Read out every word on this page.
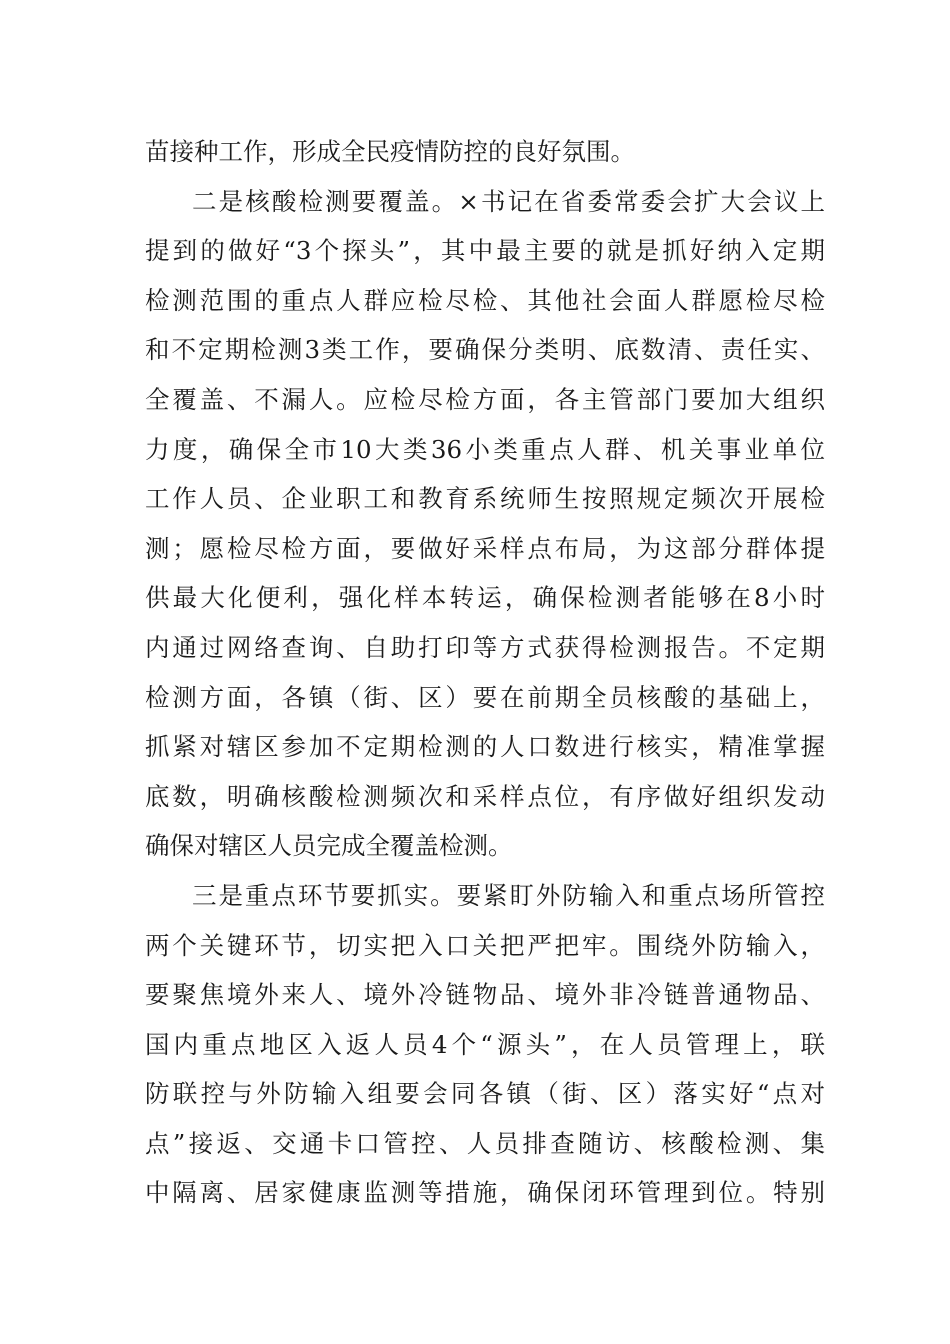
苗接种工作，形成全民疫情防控的良好氛围。
二是核酸检测要覆盖。×书记在省委常委会扩大会议上
提到的做好“3个探头”，其中最主要的就是抓好纳入定期
检测范围的重点人群应检尽检、其他社会面人群愿检尽检
和不定期检测3类工作，要确保分类明、底数清、责任实、
全覆盖、不漏人。应检尽检方面，各主管部门要加大组织
力度，确保全市10大类36小类重点人群、机关事业单位
工作人员、企业职工和教育系统师生按照规定频次开展检
测；愿检尽检方面，要做好采样点布局，为这部分群体提
供最大化便利，强化样本转运，确保检测者能够在8小时
内通过网络查询、自助打印等方式获得检测报告。不定期
检测方面，各镇（街、区）要在前期全员核酸的基础上，
抓紧对辖区参加不定期检测的人口数进行核实，精准掌握
底数，明确核酸检测频次和采样点位，有序做好组织发动
确保对辖区人员完成全覆盖检测。
三是重点环节要抓实。要紧盯外防输入和重点场所管控
两个关键环节，切实把入口关把严把牢。围绕外防输入，
要聚焦境外来人、境外冷链物品、境外非冷链普通物品、
国内重点地区入返人员4个“源头”，在人员管理上，联
防联控与外防输入组要会同各镇（街、区）落实好“点对
点”接返、交通卡口管控、人员排查随访、核酸检测、集
中隔离、居家健康监测等措施，确保闭环管理到位。特别
